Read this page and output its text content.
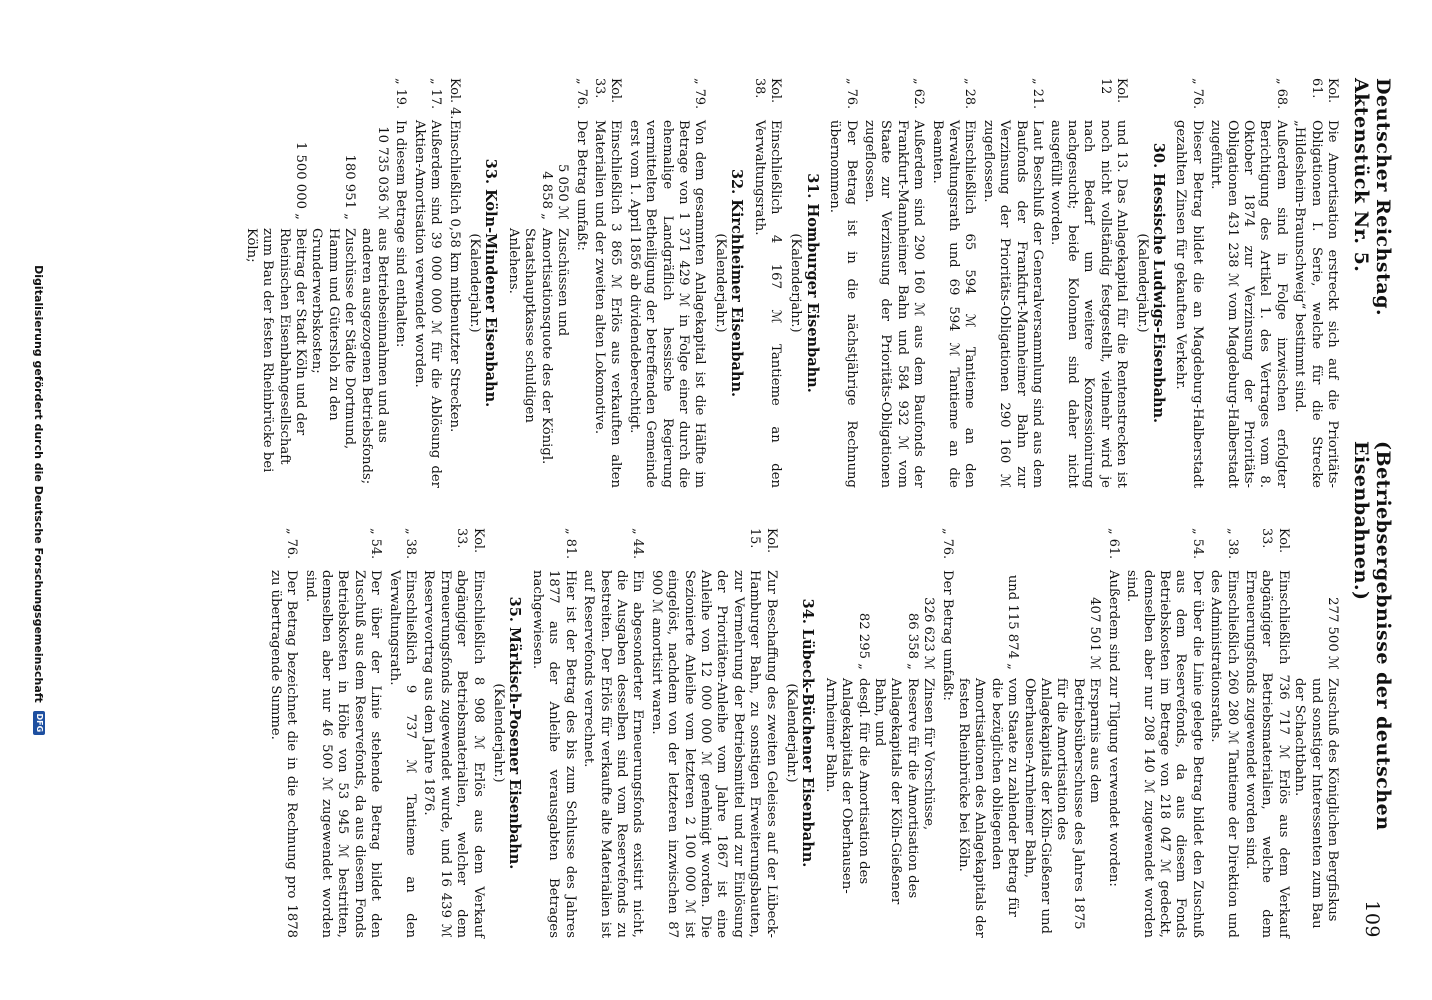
Deutscher Reichstag. Aktenstück Nr. 5.
(Betriebsergebnisse der deutschen Eisenbahnen.)
109
Kol. 61.
Die Amortisation erstreckt sich auf die Prioritäts-Obligationen I. Serie, welche für die Strecke „Hildesheim-Braunschweig“ bestimmt sind.
„ 68.
Außerdem sind in Folge inzwischen erfolgter Berichtigung des Artikel 1. des Vertrages vom 8. Oktober 1874 zur Verzinsung der Prioritäts-Obligationen 431 238 ℳ vom Magdeburg-Halberstadt zugeführt.
„ 76.
Dieser Betrag bildet die an Magdeburg-Halberstadt gezahlten Zinsen für gekauften Verkehr.
30. Hessische Ludwigs-Eisenbahn.
(Kalenderjahr.)
Kol. 12
und 13. Das Anlagekapital für die Rentenstrecken ist noch nicht vollständig festgestellt, vielmehr wird je nach Bedarf um weitere Konzessionirung nachgesucht; beide Kolonnen sind daher nicht ausgefüllt worden.
„ 21.
Laut Beschluß der Generalversammlung sind aus dem Baufonds der Frankfurt-Mannheimer Bahn zur Verzinsung der Prioritäts-Obligationen 290 160 ℳ zugeflossen.
„ 28.
Einschließlich 65 594 ℳ Tantieme an den Verwaltungsrath und 69 594 ℳ Tantieme an die Beamten.
„ 62.
Außerdem sind 290 160 ℳ aus dem Baufonds der Frankfurt-Mannheimer Bahn und 584 932 ℳ vom Staate zur Verzinsung der Prioritäts-Obligationen zugeflossen.
„ 76.
Der Betrag ist in die nächstjährige Rechnung übernommen.
31. Homburger Eisenbahn.
(Kalenderjahr.)
Kol. 38.
Einschließlich 4 167 ℳ Tantieme an den Verwaltungsrath.
32. Kirchheimer Eisenbahn.
(Kalenderjahr.)
„ 79.
Von dem gesammten Anlagekapital ist die Hälfte im Betrage von 1 371 429 ℳ in Folge einer durch die ehemalige Landgräflich hessische Regierung vermittelten Betheiligung der betreffenden Gemeinde erst vom 1. April 1856 ab dividendeberechtigt.
Kol. 33.
Einschließlich 3 865 ℳ Erlös aus verkauften alten Materialien und der zweiten alten Lokomotive.
„ 76.
Der Betrag umfaßt:
5 050 ℳ
Zuschüssen und
4 858 „
Amortisationsquote des der Königl. Staatshauptkasse schuldigen Anlehens.
33. Köln-Mindener Eisenbahn.
(Kalenderjahr.)
Kol. 4.
Einschließlich 0,58 km mitbenutzter Strecken.
„ 17.
Außerdem sind 39 000 000 ℳ für die Ablösung der Aktien-Amortisation verwendet worden.
„ 19.
In diesem Betrage sind enthalten:
10 735 036 ℳ
aus Betriebseinnahmen und aus anderen ausgezogenen Betriebsfonds;
180 951 „
Zuschüsse der Städte Dortmund, Hamm und Gütersloh zu den Grunderwerbskosten;
1 500 000 „
Beitrag der Stadt Köln und der Rheinischen Eisenbahngesellschaft zum Bau der festen Rheinbrücke bei Köln;
277 500 ℳ
Zuschuß des Königlichen Bergfiskus und sonstiger Interessenten zum Bau der Schachtbahn.
Kol. 33.
Einschließlich 736 717 ℳ Erlös aus dem Verkauf abgängiger Betriebsmaterialien, welche dem Erneuerungsfonds zugewendet worden sind.
„ 38.
Einschließlich 260 280 ℳ Tantieme der Direktion und des Administrationsraths.
„ 54.
Der über die Linie gelegte Betrag bildet den Zuschuß aus dem Reservefonds, da aus diesem Fonds Betriebskosten im Betrage von 218 047 ℳ gedeckt, demselben aber nur 208 140 ℳ zugewendet worden sind.
„ 61.
Außerdem sind zur Tilgung verwendet worden:
407 501 ℳ
Ersparnis aus dem Betriebsüberschusse des Jahres 1875 für die Amortisation des Anlagekapitals der Köln-Gießener und Oberhausen-Arnheimer Bahn,
und 115 874 „
vom Staate zu zahlender Betrag für die bezüglichen obliegenden Amortisationen des Anlagekapitals der festen Rheinbrücke bei Köln.
„ 76.
Der Betrag umfaßt:
326 623 ℳ
Zinsen für Vorschüsse,
86 358 „
Reserve für die Amortisation des Anlagekapitals der Köln-Gießener Bahn, und
82 295 „
desgl. für die Amortisation des Anlagekapitals der Oberhausen-Arnheimer Bahn.
34. Lübeck-Büchener Eisenbahn.
(Kalenderjahr.)
Kol. 15.
Zur Beschaffung des zweiten Geleises auf der Lübeck-Hamburger Bahn, zu sonstigen Erweiterungsbauten, zur Vermehrung der Betriebsmittel und zur Einlösung der Prioritäten-Anleihe vom Jahre 1867 ist eine Anleihe von 12 000 000 ℳ genehmigt worden. Die Sezionierte Anleihe vom letzteren 2 100 000 ℳ ist eingelöst, nachdem von der letzteren inzwischen 87 900 ℳ amortisirt waren.
„ 44.
Ein abgesonderter Erneuerungsfonds existirt nicht, die Ausgaben desselben sind vom Reservefonds zu bestreiten. Der Erlös für verkaufte alte Materialien ist auf Reservefonds verrechnet.
„ 81.
Hier ist der Betrag des bis zum Schlusse des Jahres 1877 aus der Anleihe verausgabten Betrages nachgewiesen.
35. Märkisch-Posener Eisenbahn.
(Kalenderjahr.)
Kol. 33.
Einschließlich 8 908 ℳ Erlös aus dem Verkauf abgängiger Betriebsmaterialien, welcher dem Erneuerungsfonds zugewendet wurde, und 16 439 ℳ Reservevortrag aus dem Jahre 1876.
„ 38.
Einschließlich 9 737 ℳ Tantieme an den Verwaltungsrath.
„ 54.
Der über der Linie stehende Betrag bildet den Zuschuß aus dem Reservefonds, da aus diesem Fonds Betriebskosten in Höhe von 53 945 ℳ bestritten, demselben aber nur 46 500 ℳ zugewendet worden sind.
„ 76.
Der Betrag bezeichnet die in die Rechnung pro 1878 zu übertragende Summe.
Digitalisierung gefördert durch die Deutsche Forschungsgemeinschaft
DFG
